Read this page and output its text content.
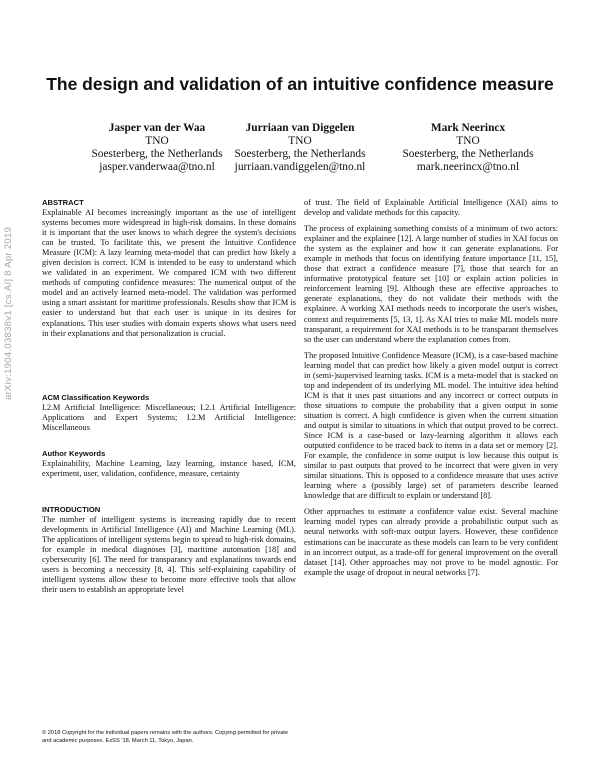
The design and validation of an intuitive confidence measure
Jasper van der Waa
TNO
Soesterberg, the Netherlands
jasper.vanderwaa@tno.nl
Jurriaan van Diggelen
TNO
Soesterberg, the Netherlands
jurriaan.vandiggelen@tno.nl
Mark Neerincx
TNO
Soesterberg, the Netherlands
mark.neerincx@tno.nl
arXiv:1904.03838v1 [cs.AI] 8 Apr 2019
ABSTRACT

Explainable AI becomes increasingly important as the use of intelligent systems becomes more widespread in high-risk domains. In these domains it is important that the user knows to which degree the system's decisions can be trusted. To facilitate this, we present the Intuitive Confidence Measure (ICM): A lazy learning meta-model that can predict how likely a given decision is correct. ICM is intended to be easy to understand which we validated in an experiment. We compared ICM with two different methods of computing confidence measures: The numerical output of the model and an actively learned meta-model. The validation was performed using a smart assistant for maritime professionals. Results show that ICM is easier to understand but that each user is unique in its desires for explanations. This user studies with domain experts shows what users need in their explanations and that personalization is crucial.

ACM Classification Keywords

I.2.M Artificial Intelligence: Miscellaneous; I.2.1 Artificial Intelligence: Applications and Expert Systems; I.2.M Artificial Intelligence: Miscellaneous

Author Keywords

Explainability, Machine Learning, lazy learning, instance based, ICM, experiment, user, validation, confidence, measure, certainty

INTRODUCTION

The number of intelligent systems is increasing rapidly due to recent developments in Artificial Intelligence (AI) and Machine Learning (ML). The applications of intelligent systems begin to spread to high-risk domains, for example in medical diagnoses [3], maritime automation [18] and cybersecurity [6]. The need for transparancy and explanations towards end users is becoming a neccessity [8, 4]. This self-explaining capability of intelligent systems allow these to become more effective tools that allow their users to establish an appropriate level

© 2018 Copyright for the individual papers remains with the authors. Copying permitted for private and academic purposes. ExSS '18, March 11, Tokyo, Japan.

of trust. The field of Explainable Artificial Intelligence (XAI) aims to develop and validate methods for this capacity.

The process of explaining something consists of a minimum of two actors: explainer and the explainee [12]. A large number of studies in XAI focus on the system as the explainer and how it can generate explanations. For example in methods that focus on identifying feature importance [11, 15], those that extract a confidence measure [7], those that search for an informative prototypical feature set [10] or explain action policies in reinforcement learning [9]. Although these are effective approaches to generate explanations, they do not validate their methods with the explainee. A working XAI methods needs to incorporate the user's wishes, context and requirements [5, 13, 1]. As XAI tries to make ML models more transparant, a requirement for XAI methods is to be transparant themselves so the user can understand where the explanation comes from.

The proposed Intuitive Confidence Measure (ICM), is a case-based machine learning model that can predict how likely a given model output is correct in (semi-)supervised learning tasks. ICM is a meta-model that is stacked on top and independent of its underlying ML model. The intuitive idea behind ICM is that it uses past situations and any incorrect or correct outputs in those situations to compute the probability that a given output in some situation is correct. A high confidence is given when the current situation and output is similar to situations in which that output proved to be correct. Since ICM is a case-based or lazy-learning algorithm it allows each outputted confidence to be traced back to items in a data set or memory [2]. For example, the confidence in some output is low because this output is similar to past outputs that proved to be incorrect that were given in very similar situations. This is opposed to a confidence measure that uses active learning where a (possibly large) set of parameters describe learned knowledge that are difficult to explain or understand [8].

Other approaches to estimate a confidence value exist. Several machine learning model types can already provide a probabilistic output such as neural networks with soft-max output layers. However, these confidence estimations can be inaccurate as these models can learn to be very confident in an incorrect output, as a trade-off for general improvement on the overall dataset [14]. Other approaches may not prove to be model agnostic. For example the usage of dropout in neural networks [7].
